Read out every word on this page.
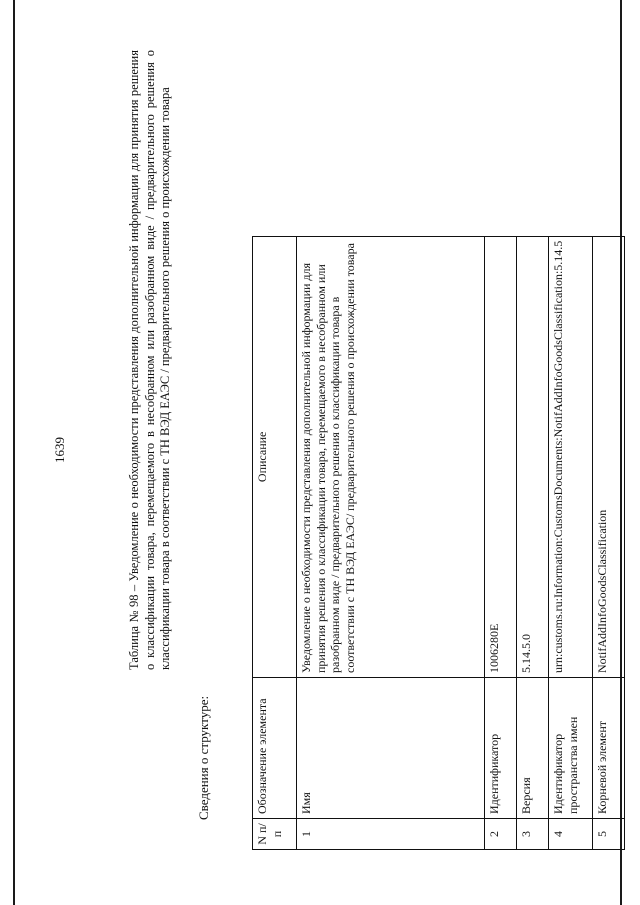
1639	Таблица № 98 – Уведомление о необходимости представления дополнительной информации для принятия решения о классификации товара, перемещаемого в несобранном или разобранном виде / предварительного решения о классификации товара в соответствии с ТН ВЭД ЕАЭС / предварительного решения о происхождении товара
Сведения о структуре:
N п/п	Обозначение элемента	Описание
1	Имя	Уведомление о необходимости представления дополнительной информации для принятия решения о классификации товара, перемещаемого в несобранном или разобранном виде / предварительного решения о классификации товара в соответствии с ТН ВЭД ЕАЭС/ предварительного решения о происхождении товара
2	Идентификатор	1006280E
3	Версия	5.14.5.0
4	Идентификатор пространства имен	urn:customs.ru:Information:CustomsDocuments:NotifAddInfoGoodsClassification:5.14.5
5	Корневой элемент	NotifAddInfoGoodsClassification
